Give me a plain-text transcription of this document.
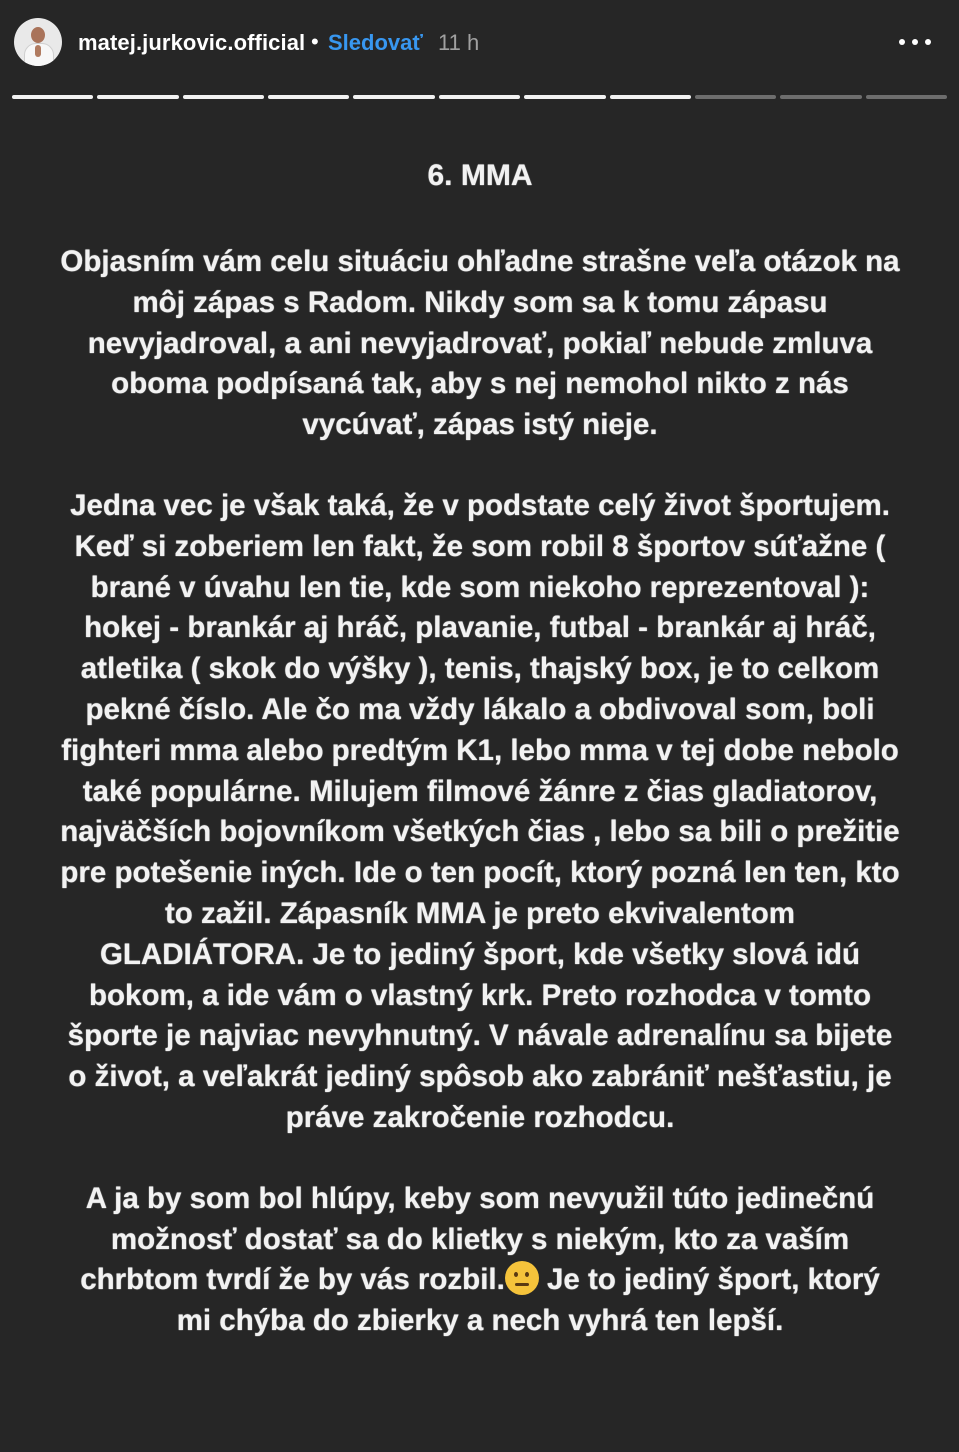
matej.jurkovic.official • Sledovať 11 h
6. MMA

Objasním vám celu situáciu ohľadne strašne veľa otázok na môj zápas s Radom. Nikdy som sa k tomu zápasu nevyjadroval, a ani nevyjadrovať, pokiaľ nebude zmluva oboma podpísaná tak, aby s nej nemohol nikto z nás vycúvať, zápas istý nieje.

Jedna vec je však taká, že v podstate celý život športujem. Keď si zoberiem len fakt, že som robil 8 športov súťažne ( brané v úvahu len tie, kde som niekoho reprezentoval ): hokej - brankár aj hráč, plavanie, futbal - brankár aj hráč, atletika ( skok do výšky ), tenis, thajský box, je to celkom pekné číslo. Ale čo ma vždy lákalo a obdivoval som, boli fighteri mma alebo predtým K1, lebo mma v tej dobe nebolo také populárne. Milujem filmové žánre z čias gladiatorov, najväčších bojovníkom všetkých čias , lebo sa bili o prežitie pre potešenie iných. Ide o ten pocít, ktorý pozná len ten, kto to zažil. Zápasník MMA je preto ekvivalentom GLADIÁTORA. Je to jediný šport, kde všetky slová idú bokom, a ide vám o vlastný krk. Preto rozhodca v tomto športe je najviac nevyhnutný. V návale adrenalínu sa bijete o život, a veľakrát jediný spôsob ako zabrániť nešťastiu, je práve zakročenie rozhodcu.

A ja by som bol hlúpy, keby som nevyužil túto jedinečnú možnosť dostať sa do klietky s niekým, kto za vaším chrbtom tvrdí že by vás rozbil. Je to jediný šport, ktorý mi chýba do zbierky a nech vyhrá ten lepší.
